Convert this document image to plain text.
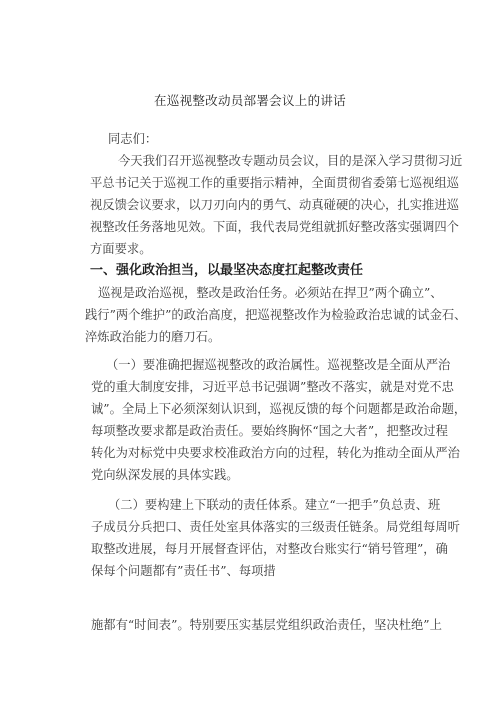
在巡视整改动员部署会议上的讲话
同志们：
今天我们召开巡视整改专题动员会议，目的是深入学习贯彻习近
平总书记关于巡视工作的重要指示精神，全面贯彻省委第七巡视组巡
视反馈会议要求，以刀刃向内的勇气、动真碰硬的决心，扎实推进巡
视整改任务落地见效。下面，我代表局党组就抓好整改落实强调四个
方面要求。
一、强化政治担当，以最坚决态度扛起整改责任
巡视是政治巡视，整改是政治任务。必须站在捍卫”两个确立”、
践行”两个维护”的政治高度，把巡视整改作为检验政治忠诚的试金石、
淬炼政治能力的磨刀石。
（一）要准确把握巡视整改的政治属性。巡视整改是全面从严治
党的重大制度安排，习近平总书记强调”整改不落实，就是对党不忠
诚”。全局上下必须深刻认识到，巡视反馈的每个问题都是政治命题，
每项整改要求都是政治责任。要始终胸怀“国之大者”，把整改过程
转化为对标党中央要求校准政治方向的过程，转化为推动全面从严治
党向纵深发展的具体实践。
（二）要构建上下联动的责任体系。建立“一把手”负总责、班
子成员分兵把口、责任处室具体落实的三级责任链条。局党组每周听
取整改进展，每月开展督查评估，对整改台账实行“销号管理”，确
保每个问题都有”责任书”、每项措
施都有“时间表”。特别要压实基层党组织政治责任，坚决杜绝”上
